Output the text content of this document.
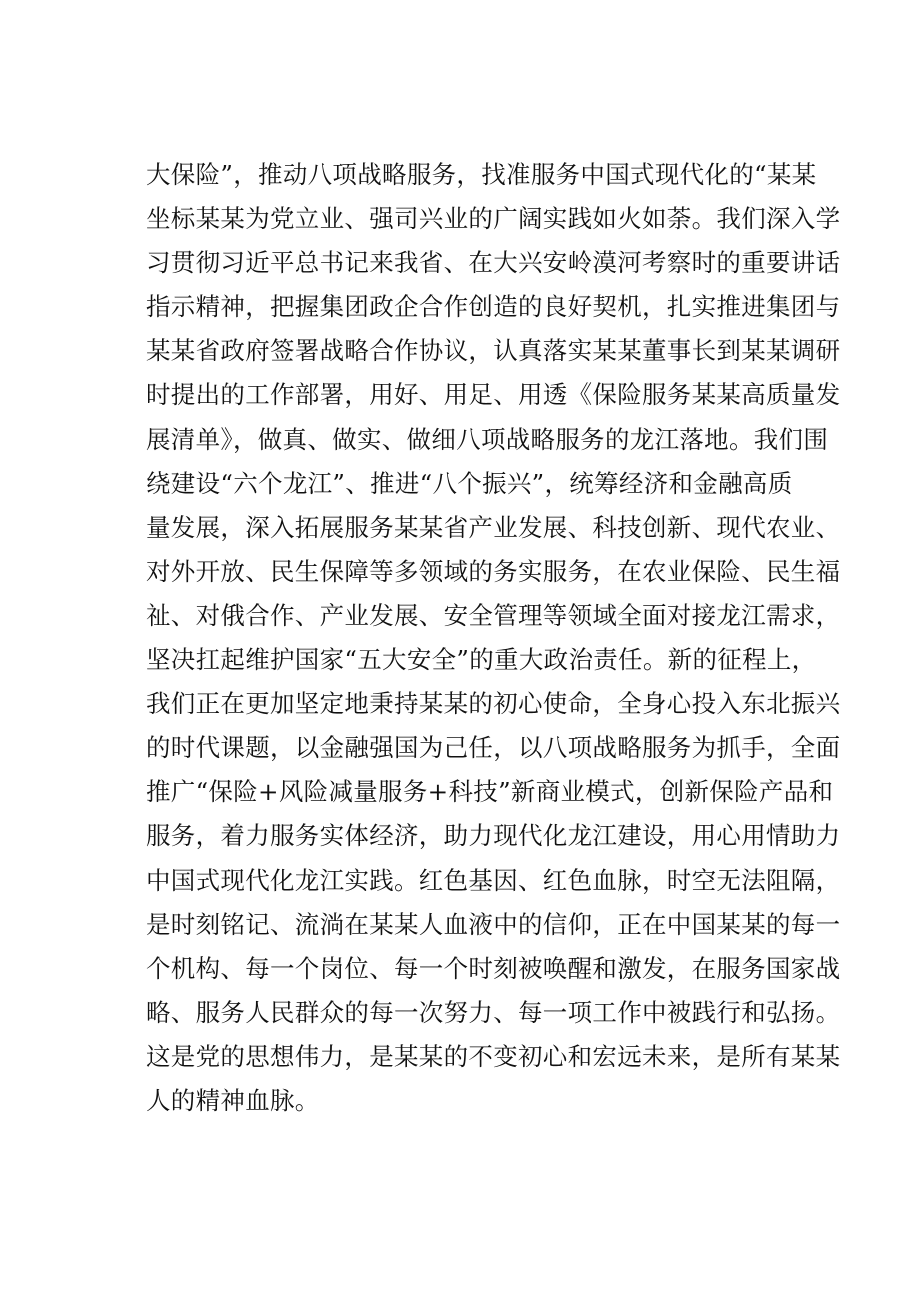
大保险”，推动八项战略服务，找准服务中国式现代化的“某某
坐标某某为党立业、强司兴业的广阔实践如火如荼。我们深入学
习贯彻习近平总书记来我省、在大兴安岭漠河考察时的重要讲话
指示精神，把握集团政企合作创造的良好契机，扎实推进集团与
某某省政府签署战略合作协议，认真落实某某董事长到某某调研
时提出的工作部署，用好、用足、用透《保险服务某某高质量发
展清单》，做真、做实、做细八项战略服务的龙江落地。我们围
绕建设“六个龙江”、推进“八个振兴”，统筹经济和金融高质
量发展，深入拓展服务某某省产业发展、科技创新、现代农业、
对外开放、民生保障等多领域的务实服务，在农业保险、民生福
祉、对俄合作、产业发展、安全管理等领域全面对接龙江需求，
坚决扛起维护国家“五大安全”的重大政治责任。新的征程上，
我们正在更加坚定地秉持某某的初心使命，全身心投入东北振兴
的时代课题，以金融强国为己任，以八项战略服务为抓手，全面
推广“保险+风险减量服务+科技”新商业模式，创新保险产品和
服务，着力服务实体经济，助力现代化龙江建设，用心用情助力
中国式现代化龙江实践。红色基因、红色血脉，时空无法阻隔，
是时刻铭记、流淌在某某人血液中的信仰，正在中国某某的每一
个机构、每一个岗位、每一个时刻被唤醒和激发，在服务国家战
略、服务人民群众的每一次努力、每一项工作中被践行和弘扬。
这是党的思想伟力，是某某的不变初心和宏远未来，是所有某某
人的精神血脉。
